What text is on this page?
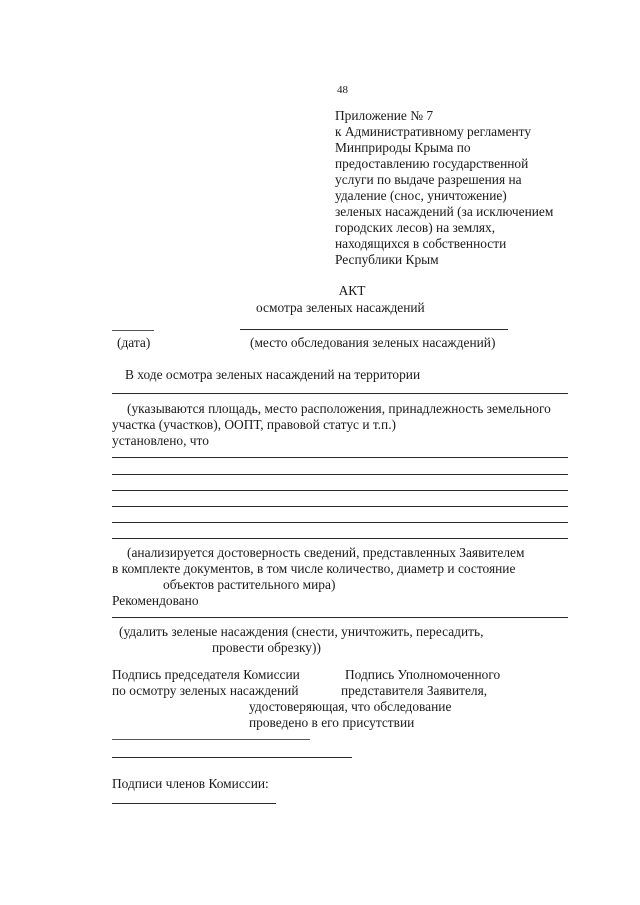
48
Приложение № 7
к Административному регламенту
Минприроды Крыма по
предоставлению государственной
услуги по выдаче разрешения на
удаление (снос, уничтожение)
зеленых насаждений (за исключением
городских лесов) на землях,
находящихся в собственности
Республики Крым
АКТ
осмотра зеленых насаждений
(дата)	(место обследования зеленых насаждений)
В ходе осмотра зеленых насаждений на территории
(указываются площадь, место расположения, принадлежность земельного
участка (участков), ООПТ, правовой статус и т.п.)
установлено, что
(анализируется достоверность сведений, представленных Заявителем
в комплекте документов, в том числе количество, диаметр и состояние
объектов растительного мира)
Рекомендовано
(удалить зеленые насаждения (снести, уничтожить, пересадить,
провести обрезку))
Подпись председателя Комиссии
по осмотру зеленых насаждений
Подпись Уполномоченного
представителя Заявителя,
удостоверяющая, что обследование
проведено в его присутствии
Подписи членов Комиссии:
